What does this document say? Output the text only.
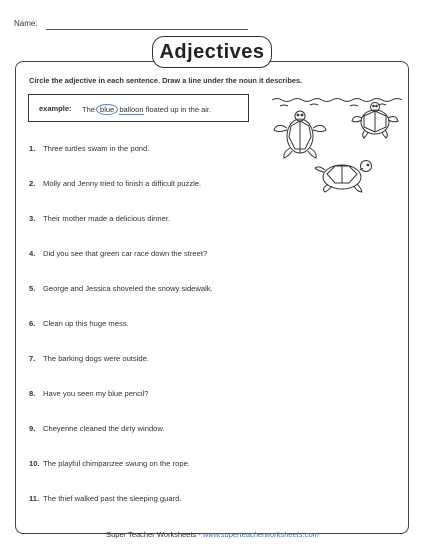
Name:
Adjectives
Circle the adjective in each sentence. Draw a line under the noun it describes.
example: The blue balloon floated up in the air.
1. Three turtles swam in the pond.
2. Molly and Jenny tried to finish a difficult puzzle.
3. Their mother made a delicious dinner.
4. Did you see that green car race down the street?
5. George and Jessica shoveled the snowy sidewalk.
6. Clean up this huge mess.
7. The barking dogs were outside.
8. Have you seen my blue pencil?
9. Cheyenne cleaned the dirty window.
10. The playful chimpanzee swung on the rope.
11. The thief walked past the sleeping guard.
Super Teacher Worksheets - www.superteacherworksheets.com
